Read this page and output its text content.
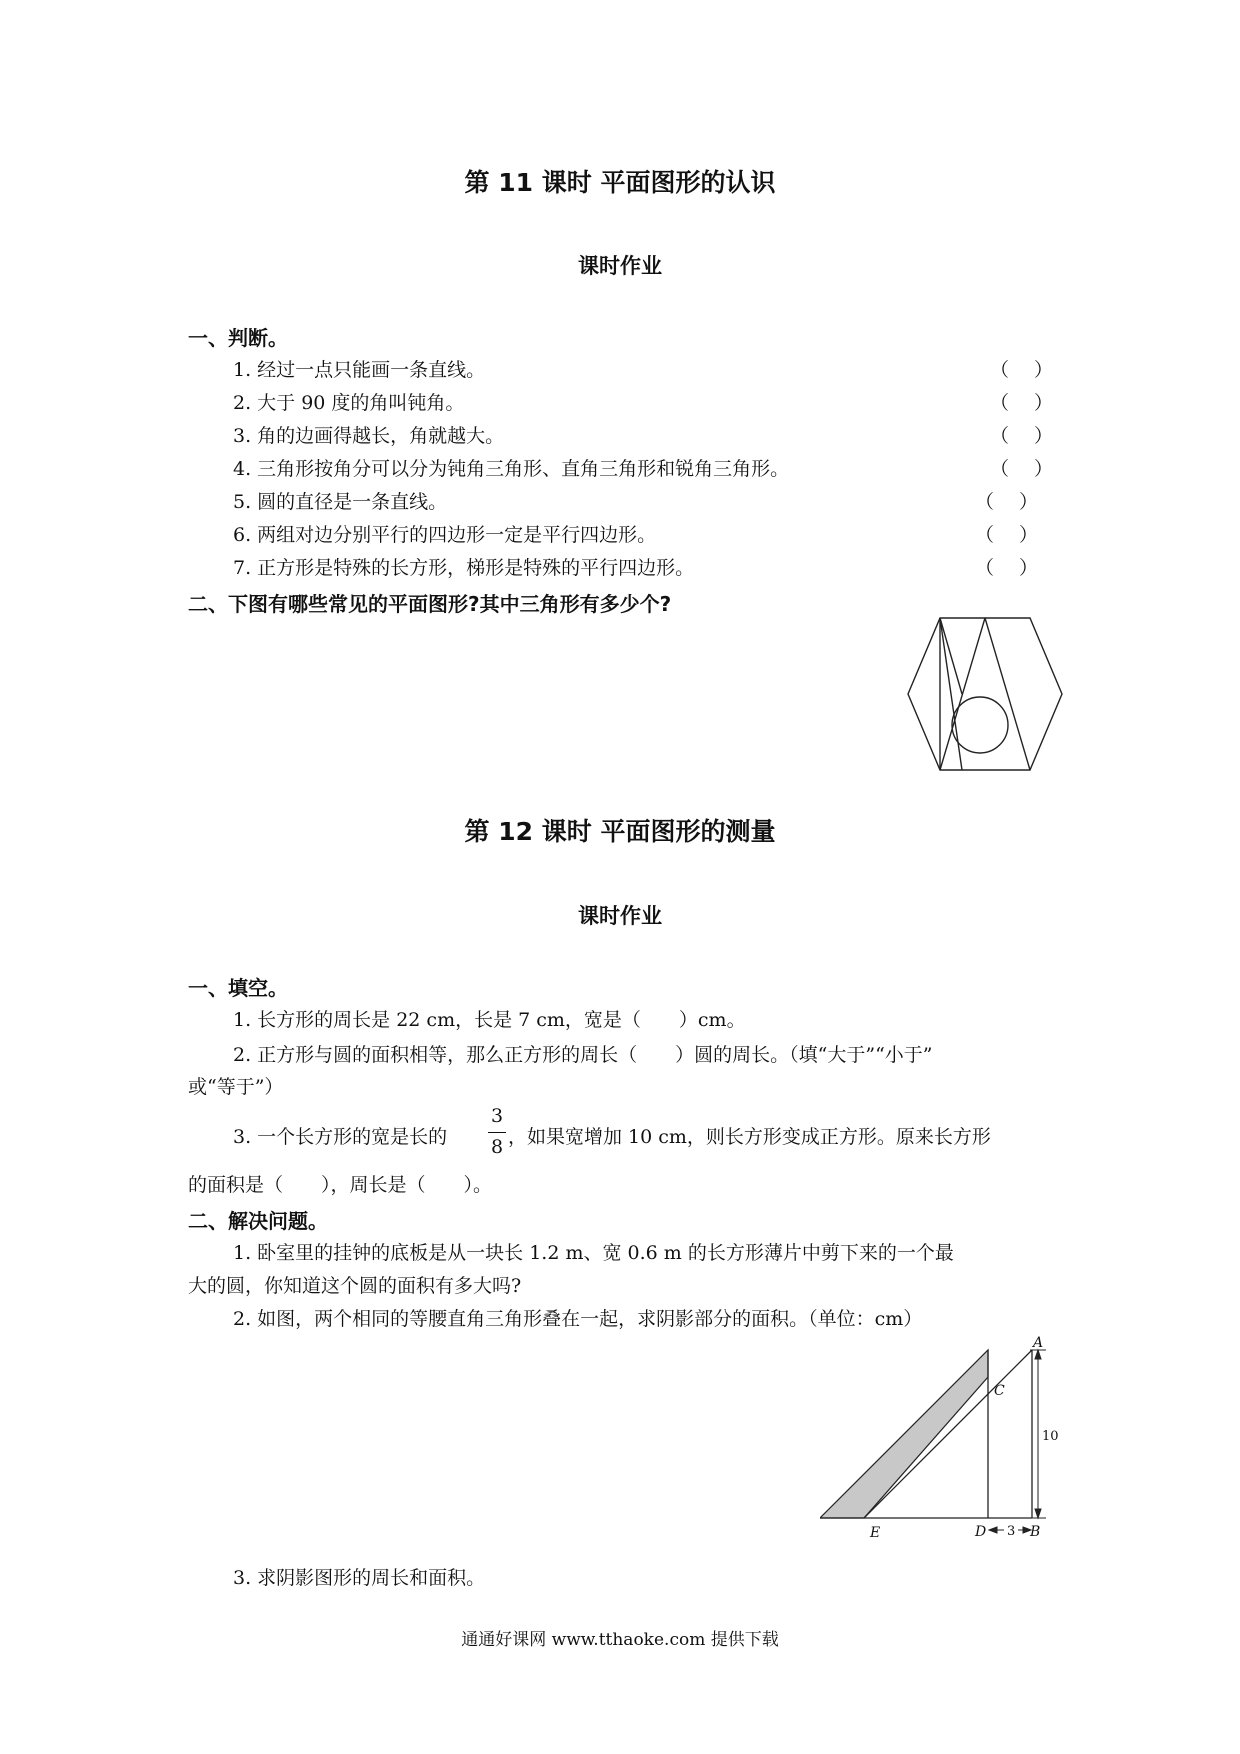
第 11 课时 平面图形的认识
课时作业
一、判断。
1. 经过一点只能画一条直线。	（　 ）
2. 大于 90 度的角叫钝角。	（　 ）
3. 角的边画得越长，角就越大。	（　 ）
4. 三角形按角分可以分为钝角三角形、直角三角形和锐角三角形。	（　 ）
5. 圆的直径是一条直线。	（　 ）
6. 两组对边分别平行的四边形一定是平行四边形。	（　 ）
7. 正方形是特殊的长方形，梯形是特殊的平行四边形。	（　 ）
二、下图有哪些常见的平面图形?其中三角形有多少个?
第 12 课时 平面图形的测量
课时作业
一、填空。
1. 长方形的周长是 22 cm，长是 7 cm，宽是（　　）cm。
2. 正方形与圆的面积相等，那么正方形的周长（　　）圆的周长。（填“大于”“小于”
或“等于”）
3. 一个长方形的宽是长的
3
8 ，如果宽增加 10 cm，则长方形变成正方形。原来长方形
的面积是（　　），周长是（　　）。
二、解决问题。
1. 卧室里的挂钟的底板是从一块长 1.2 m、宽 0.6 m 的长方形薄片中剪下来的一个最
大的圆，你知道这个圆的面积有多大吗?
2. 如图，两个相同的等腰直角三角形叠在一起，求阴影部分的面积。（单位：cm）
A
B
C
D
E
10
3
3. 求阴影图形的周长和面积。
通通好课网 www.tthaoke.com 提供下载
